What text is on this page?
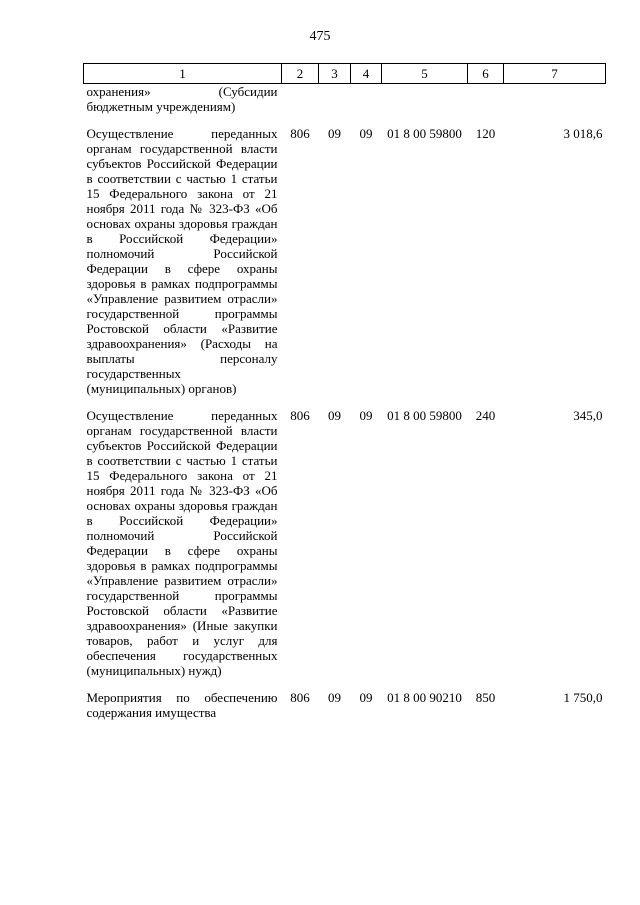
475
1	2	3	4	5	6	7
охранения» (Субсидии бюджетным учреждениям)						
Осуществление переданных органам государственной власти субъектов Российской Федерации в соответствии с частью 1 статьи 15 Федерального закона от 21 ноября 2011 года № 323-ФЗ «Об основах охраны здоровья граждан в Российской Федерации» полномочий Российской Федерации в сфере охраны здоровья в рамках подпрограммы «Управление развитием отрасли» государственной программы Ростовской области «Развитие здравоохранения» (Расходы на выплаты персоналу государственных (муниципальных) органов)	806	09	09	01 8 00 59800	120	3 018,6
Осуществление переданных органам государственной власти субъектов Российской Федерации в соответствии с частью 1 статьи 15 Федерального закона от 21 ноября 2011 года № 323-ФЗ «Об основах охраны здоровья граждан в Российской Федерации» полномочий Российской Федерации в сфере охраны здоровья в рамках подпрограммы «Управление развитием отрасли» государственной программы Ростовской области «Развитие здравоохранения» (Иные закупки товаров, работ и услуг для обеспечения государственных (муниципальных) нужд)	806	09	09	01 8 00 59800	240	345,0
Мероприятия по обеспечению содержания имущества	806	09	09	01 8 00 90210	850	1 750,0
